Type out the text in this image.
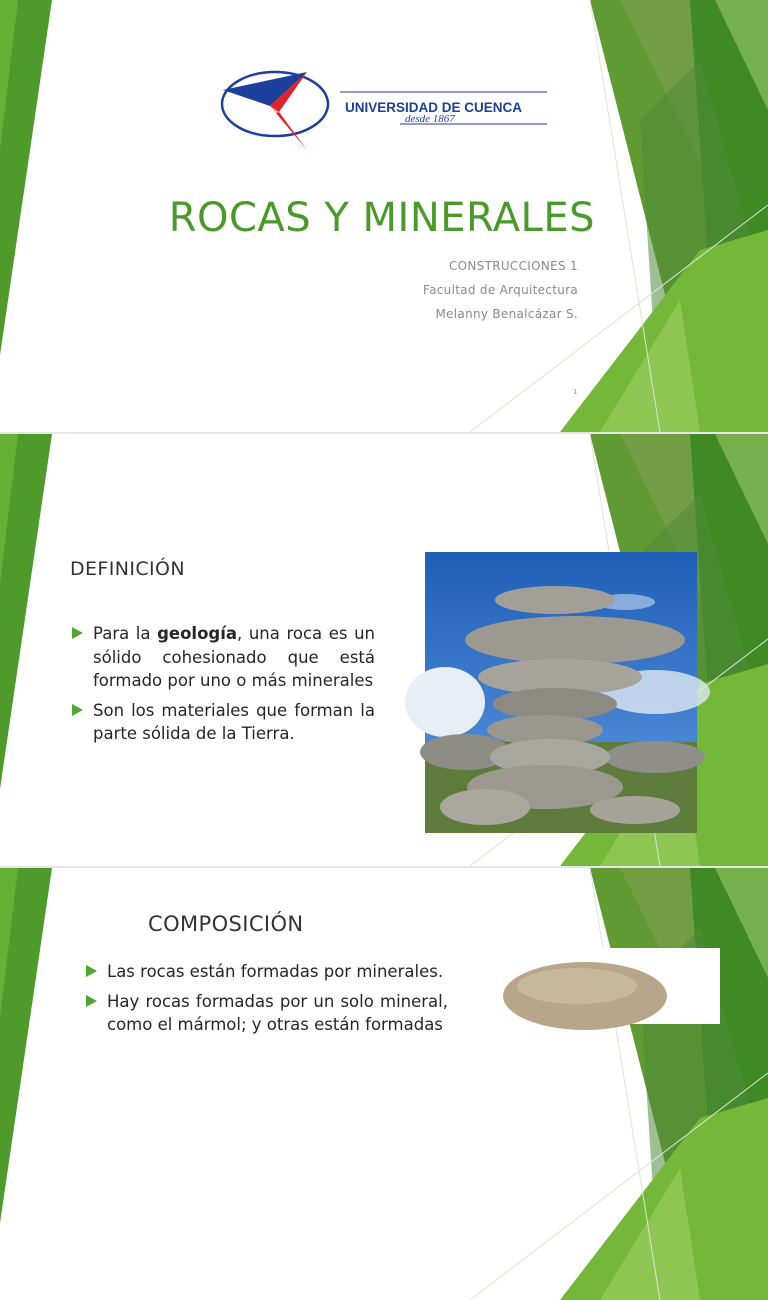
UNIVERSIDAD DE CUENCA
desde 1867
ROCAS Y MINERALES
CONSTRUCCIONES 1
Facultad de Arquitectura
Melanny Benalcázar S.
1
DEFINICIÓN
Para la geología, una roca es un sólido cohesionado que está formado por uno o más minerales
Son los materiales que forman la parte sólida de la Tierra.
COMPOSICIÓN
Las rocas están formadas por minerales.
Hay rocas formadas por un solo mineral, como el mármol; y otras están formadas
